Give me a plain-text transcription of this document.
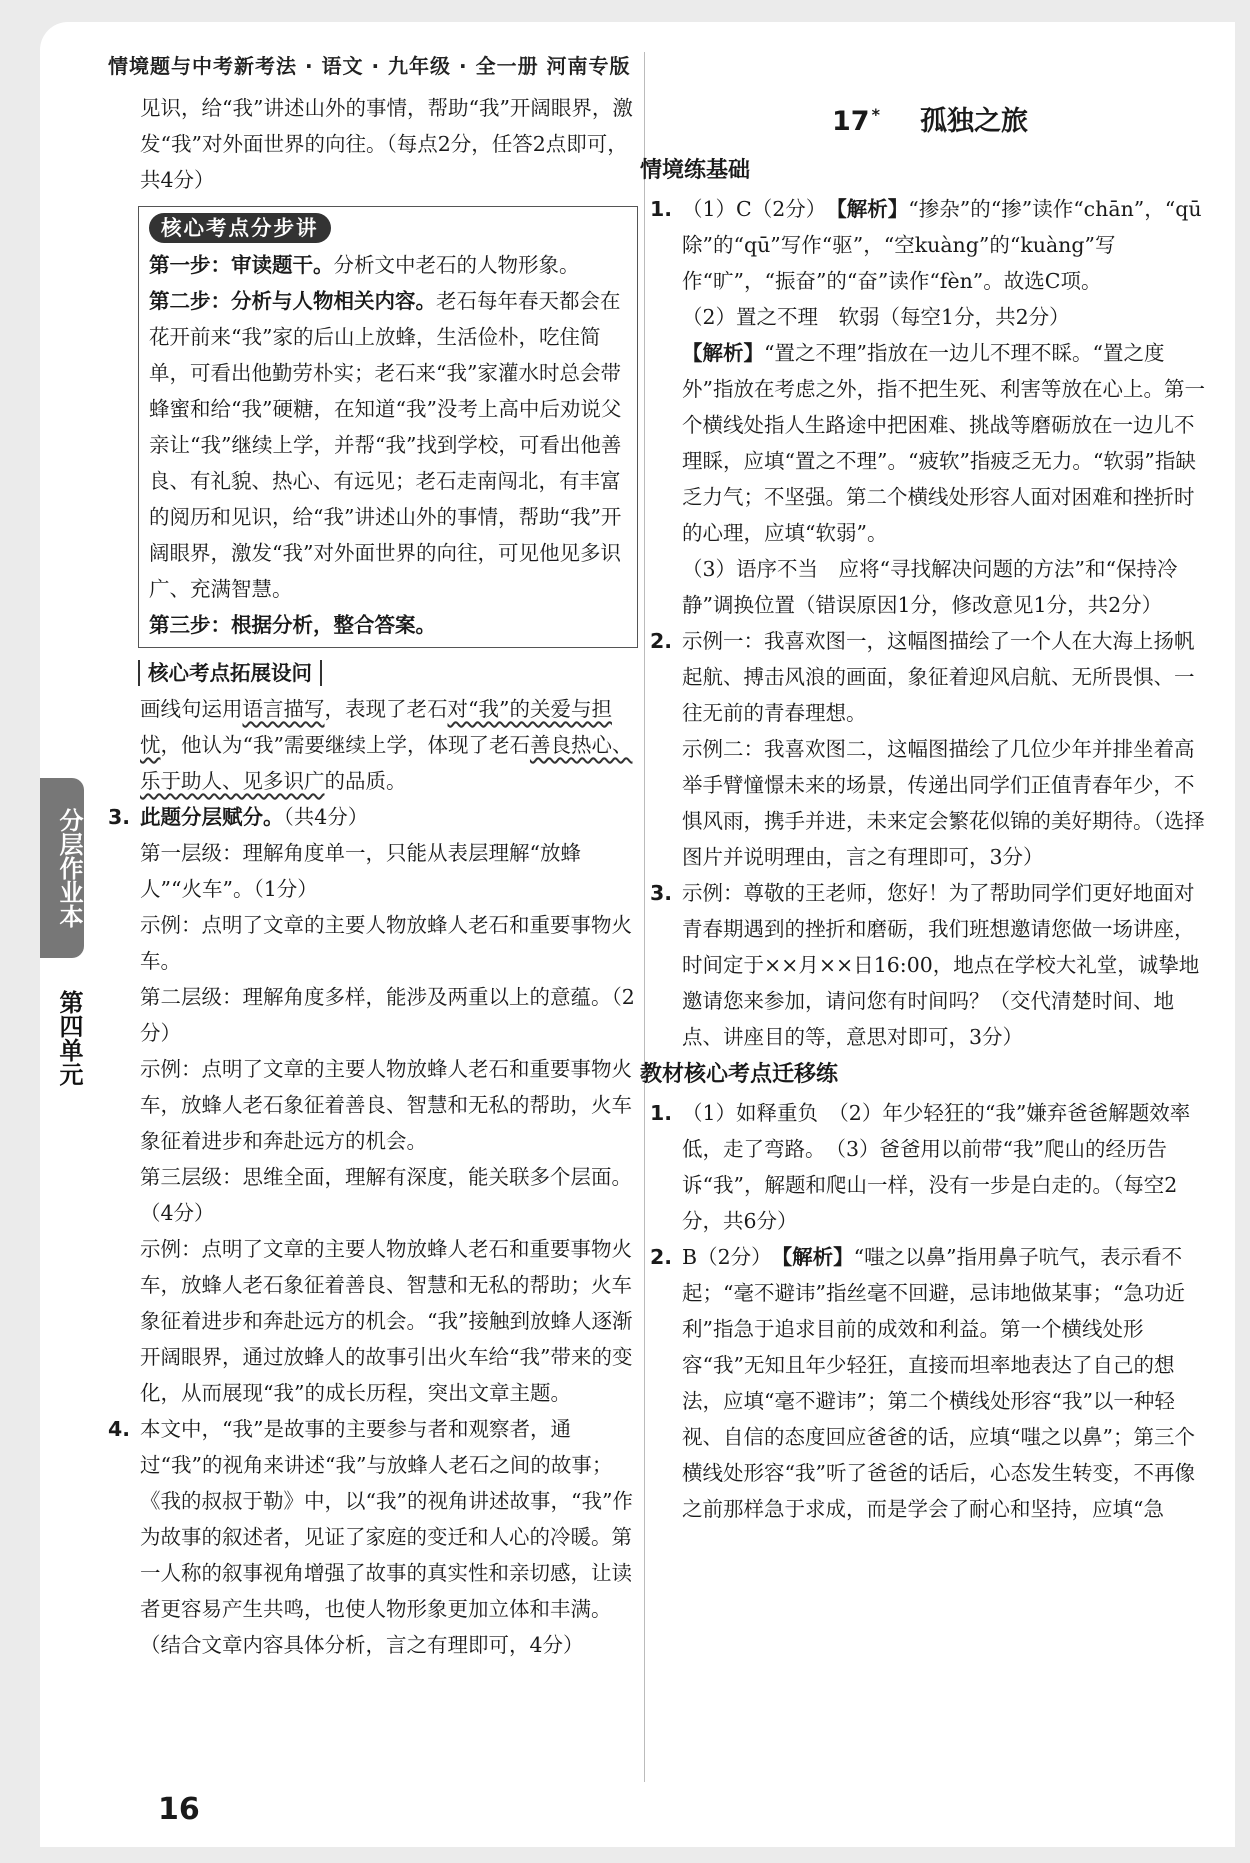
情境题与中考新考法 · 语文 · 九年级 · 全一册 河南专版

见识，给“我”讲述山外的事情，帮助“我”开阔眼界，激发“我”对外面世界的向往。（每点2分，任答2点即可，共4分）

核心考点分步讲

第一步：审读题干。分析文中老石的人物形象。

第二步：分析与人物相关内容。老石每年春天都会在花开前来“我”家的后山上放蜂，生活俭朴，吃住简单，可看出他勤劳朴实；老石来“我”家灌水时总会带蜂蜜和给“我”硬糖，在知道“我”没考上高中后劝说父亲让“我”继续上学，并帮“我”找到学校，可看出他善良、有礼貌、热心、有远见；老石走南闯北，有丰富的阅历和见识，给“我”讲述山外的事情，帮助“我”开阔眼界，激发“我”对外面世界的向往，可见他见多识广、充满智慧。

第三步：根据分析，整合答案。

核心考点拓展设问

画线句运用语言描写，表现了老石对“我”的关爱与担忧，他认为“我”需要继续上学，体现了老石善良热心、乐于助人、见多识广的品质。

3. 此题分层赋分。（共4分）

第一层级：理解角度单一，只能从表层理解“放蜂人”“火车”。（1分）

示例：点明了文章的主要人物放蜂人老石和重要事物火车。

第二层级：理解角度多样，能涉及两重以上的意蕴。（2分）

示例：点明了文章的主要人物放蜂人老石和重要事物火车，放蜂人老石象征着善良、智慧和无私的帮助，火车象征着进步和奔赴远方的机会。

第三层级：思维全面，理解有深度，能关联多个层面。（4分）

示例：点明了文章的主要人物放蜂人老石和重要事物火车，放蜂人老石象征着善良、智慧和无私的帮助；火车象征着进步和奔赴远方的机会。“我”接触到放蜂人逐渐开阔眼界，通过放蜂人的故事引出火车给“我”带来的变化，从而展现“我”的成长历程，突出文章主题。

4. 本文中，“我”是故事的主要参与者和观察者，通过“我”的视角来讲述“我”与放蜂人老石之间的故事；《我的叔叔于勒》中，以“我”的视角讲述故事，“我”作为故事的叙述者，见证了家庭的变迁和人心的冷暖。第一人称的叙事视角增强了故事的真实性和亲切感，让读者更容易产生共鸣，也使人物形象更加立体和丰满。（结合文章内容具体分析，言之有理即可，4分）

17 * 孤独之旅
情境练基础
1. （1）C（2分）　 【解析】“掺杂”的“掺”读作“chān”，“qū除”的“qū”写作“驱”，“空kuàng”的“kuàng”写作“旷”，“振奋”的“奋”读作“fèn”。故选C项。

（2）置之不理　软弱（每空1分，共2分）

【解析】“置之不理”指放在一边儿不理不睬。“置之度外”指放在考虑之外，指不把生死、利害等放在心上。第一个横线处指人生路途中把困难、挑战等磨砺放在一边儿不理睬，应填“置之不理”。“疲软”指疲乏无力。“软弱”指缺乏力气；不坚强。第二个横线处形容人面对困难和挫折时的心理，应填“软弱”。

（3）语序不当　应将“寻找解决问题的方法”和“保持冷静”调换位置（错误原因1分，修改意见1分，共2分）

2. 示例一：我喜欢图一，这幅图描绘了一个人在大海上扬帆起航、搏击风浪的画面，象征着迎风启航、无所畏惧、一往无前的青春理想。

示例二：我喜欢图二，这幅图描绘了几位少年并排坐着高举手臂憧憬未来的场景，传递出同学们正值青春年少，不惧风雨，携手并进，未来定会繁花似锦的美好期待。（选择图片并说明理由，言之有理即可，3分）

3. 示例：尊敬的王老师，您好！为了帮助同学们更好地面对青春期遇到的挫折和磨砺，我们班想邀请您做一场讲座，时间定于××月××日16:00，地点在学校大礼堂，诚挚地邀请您来参加，请问您有时间吗？（交代清楚时间、地点、讲座目的等，意思对即可，3分）

教材核心考点迁移练
1. （1）如释重负　（2）年少轻狂的“我”嫌弃爸爸解题效率低，走了弯路。　（3）爸爸用以前带“我”爬山的经历告诉“我”，解题和爬山一样，没有一步是白走的。（每空2分，共6分）

2. B（2分）　 【解析】“嗤之以鼻”指用鼻子吭气，表示看不起；“毫不避讳”指丝毫不回避，忌讳地做某事；“急功近利”指急于追求目前的成效和利益。第一个横线处形容“我”无知且年少轻狂，直接而坦率地表达了自己的想法，应填“毫不避讳”；第二个横线处形容“我”以一种轻视、自信的态度回应爸爸的话，应填“嗤之以鼻”；第三个横线处形容“我”听了爸爸的话后，心态发生转变，不再像之前那样急于求成，而是学会了耐心和坚持，应填“急

16
分层作业本
第四单元
